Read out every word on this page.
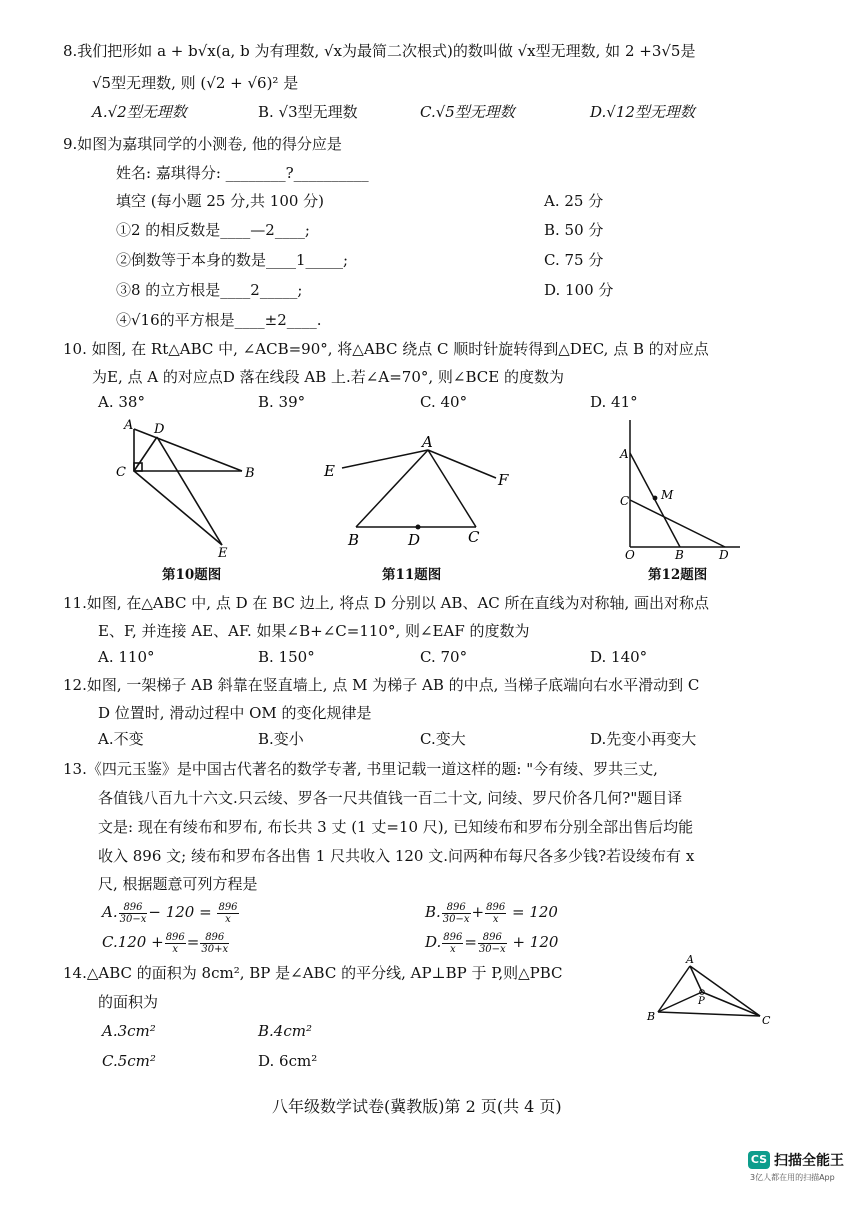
8.我们把形如 a + b√x(a, b 为有理数, √x为最简二次根式)的数叫做 √x型无理数, 如 2 +3√5是
√5型无理数, 则 (√2 + √6)² 是
A.√2型无理数	B. √3型无理数	C.√5型无理数	D.√12型无理数
9.如图为嘉琪同学的小测卷, 他的得分应是
姓名: 嘉琪得分: ________?__________
填空 (每小题 25 分,共 100 分)
①2 的相反数是____—2____;
②倒数等于本身的数是____1_____;
③8 的立方根是____2_____;
④√16的平方根是____±2____.
A. 25 分
B. 50 分
C. 75 分
D. 100 分
10. 如图, 在 Rt△ABC 中, ∠ACB=90°, 将△ABC 绕点 C 顺时针旋转得到△DEC, 点 B 的对应点
为E, 点 A 的对应点D 落在线段 AB 上.若∠A=70°, 则∠BCE 的度数为
A. 38°	B. 39°	C. 40°	D. 41°
A D
C	B
E
A
E	F
B	D	C
A
C	M
O	B	D
第10题图	第11题图	第12题图
11.如图, 在△ABC 中, 点 D 在 BC 边上, 将点 D 分别以 AB、AC 所在直线为对称轴, 画出对称点
E、F, 并连接 AE、AF. 如果∠B+∠C=110°, 则∠EAF 的度数为
A. 110°	B. 150°	C. 70°	D. 140°
12.如图, 一架梯子 AB 斜靠在竖直墙上, 点 M 为梯子 AB 的中点, 当梯子底端向右水平滑动到 C
D 位置时, 滑动过程中 OM 的变化规律是
A.不变	B.变小	C.变大	D.先变小再变大
13.《四元玉鉴》是中国古代著名的数学专著, 书里记载一道这样的题: "今有绫、罗共三丈,
各值钱八百九十六文.只云绫、罗各一尺共值钱一百二十文, 问绫、罗尺价各几何?"题目译
文是: 现在有绫布和罗布, 布长共 3 丈 (1 丈=10 尺), 已知绫布和罗布分别全部出售后均能
收入 896 文; 绫布和罗布各出售 1 尺共收入 120 文.问两种布每尺各多少钱?若设绫布有 x
尺, 根据题意可列方程是
A. $\frac{896}{30-x} - 120 = \frac{896}{x}$	B. $\frac{896}{30-x} + \frac{896}{x} = 120$
$C.120 + \frac{896}{x} = \frac{896}{30+x}$	D. $\frac{896}{x} = \frac{896}{30-x} + 120$
14.△ABC 的面积为 8cm², BP 是∠ABC 的平分线, AP⊥BP 于 P,则△PBC
的面积为
A.3cm²	B.4cm²
C.5cm²	D. 6cm²
A
P
B	C
八年级数学试卷(冀教版)第 2 页(共 4 页)
CS 扫描全能王
3亿人都在用的扫描App
